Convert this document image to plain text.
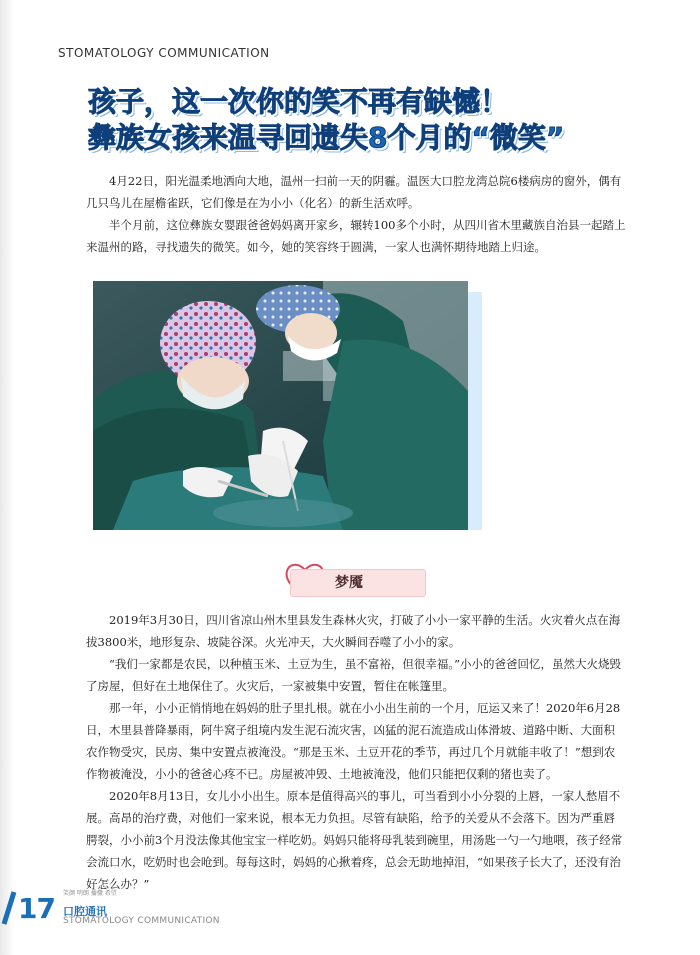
STOMATOLOGY COMMUNICATION
孩子，这一次你的笑不再有缺憾！
彝族女孩来温寻回遗失8个月的“微笑”

4月22日，阳光温柔地洒向大地，温州一扫前一天的阴霾。温医大口腔龙湾总院6楼病房的窗外，偶有几只鸟儿在屋檐雀跃，它们像是在为小小（化名）的新生活欢呼。

半个月前，这位彝族女婴跟爸爸妈妈离开家乡，辗转100多个小时，从四川省木里藏族自治县一起踏上来温州的路，寻找遗失的微笑。如今，她的笑容终于圆满，一家人也满怀期待地踏上归途。

梦魇

2019年3月30日，四川省凉山州木里县发生森林火灾，打破了小小一家平静的生活。火灾着火点在海拔3800米，地形复杂、坡陡谷深。火光冲天，大火瞬间吞噬了小小的家。

“我们一家都是农民，以种植玉米、土豆为生，虽不富裕，但很幸福。”小小的爸爸回忆，虽然大火烧毁了房屋，但好在土地保住了。火灾后，一家被集中安置，暂住在帐篷里。

那一年，小小正悄悄地在妈妈的肚子里扎根。就在小小出生前的一个月，厄运又来了！2020年6月28日，木里县普降暴雨，阿牛窝子组境内发生泥石流灾害，凶猛的泥石流造成山体滑坡、道路中断、大面积农作物受灾，民房、集中安置点被淹没。“那是玉米、土豆开花的季节，再过几个月就能丰收了！”想到农作物被淹没，小小的爸爸心疼不已。房屋被冲毁、土地被淹没，他们只能把仅剩的猪也卖了。

2020年8月13日，女儿小小出生。原本是值得高兴的事儿，可当看到小小分裂的上唇，一家人愁眉不展。高昂的治疗费，对他们一家来说，根本无力负担。尽管有缺陷，给予的关爱从不会落下。因为严重唇腭裂，小小前3个月没法像其他宝宝一样吃奶。妈妈只能将母乳装到碗里，用汤匙一勺一勺地喂，孩子经常会流口水，吃奶时也会呛到。每每这时，妈妈的心揪着疼，总会无助地掉泪，“如果孩子长大了，还没有治好怎么办？”

17 笑颜 明朗 播撒 希望
口腔通讯
STOMATOLOGY COMMUNICATION
